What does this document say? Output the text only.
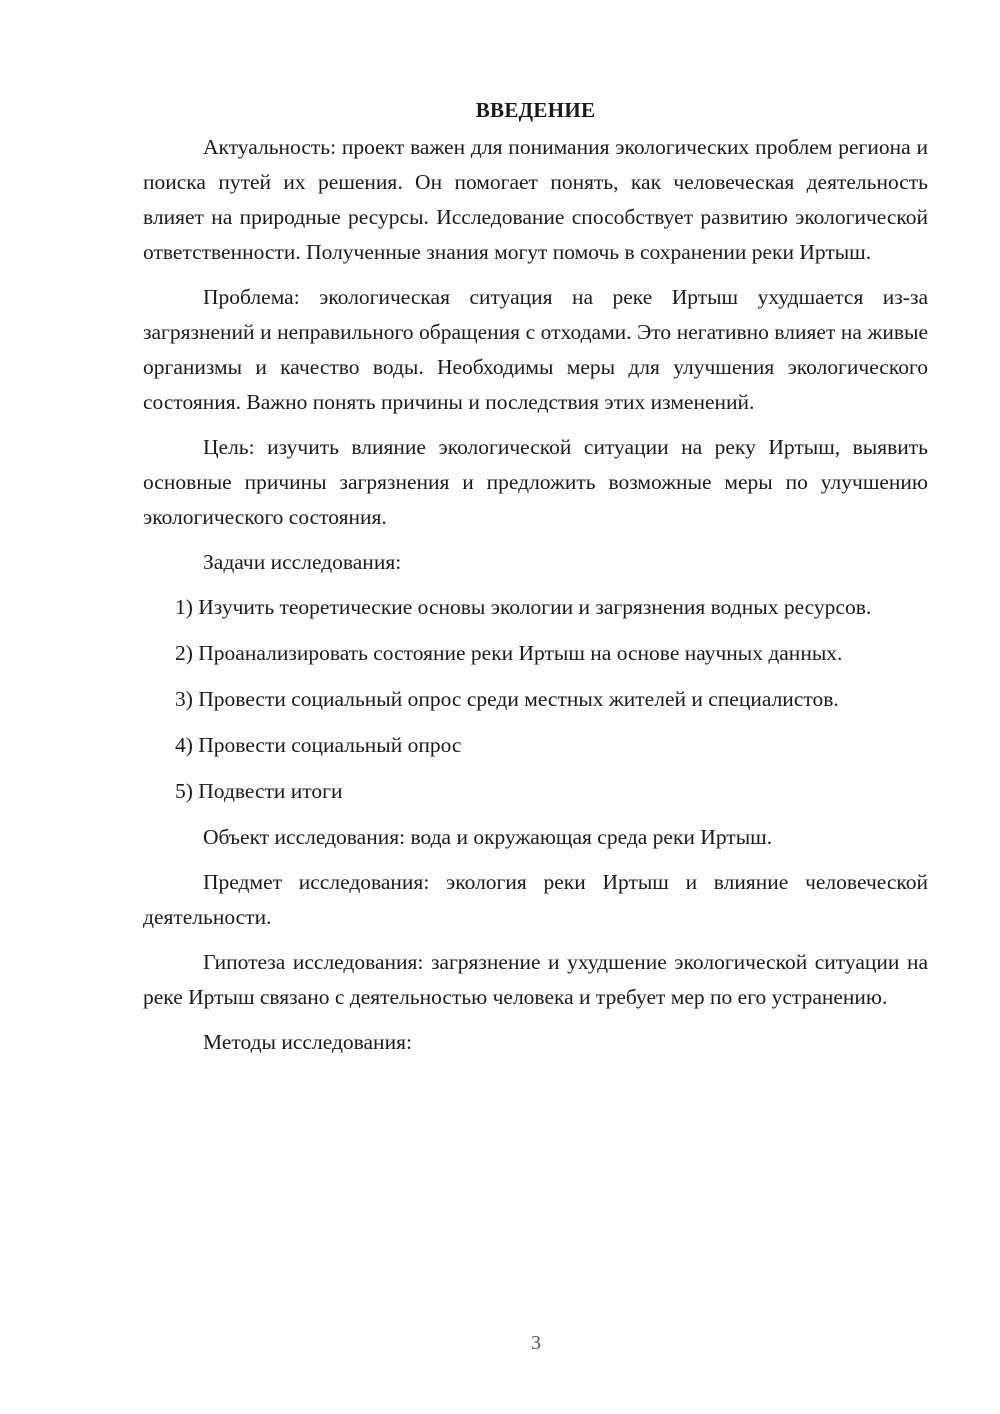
ВВЕДЕНИЕ

Актуальность: проект важен для понимания экологических проблем региона и поиска путей их решения. Он помогает понять, как человеческая деятельность влияет на природные ресурсы. Исследование способствует развитию экологической ответственности. Полученные знания могут помочь в сохранении реки Иртыш.

Проблема: экологическая ситуация на реке Иртыш ухудшается из-за загрязнений и неправильного обращения с отходами. Это негативно влияет на живые организмы и качество воды. Необходимы меры для улучшения экологического состояния. Важно понять причины и последствия этих изменений.

Цель: изучить влияние экологической ситуации на реку Иртыш, выявить основные причины загрязнения и предложить возможные меры по улучшению экологического состояния.

Задачи исследования:

1) Изучить теоретические основы экологии и загрязнения водных ресурсов.

2) Проанализировать состояние реки Иртыш на основе научных данных.

3) Провести социальный опрос среди местных жителей и специалистов.

4) Провести социальный опрос

5) Подвести итоги

Объект исследования: вода и окружающая среда реки Иртыш.

Предмет исследования: экология реки Иртыш и влияние человеческой деятельности.

Гипотеза исследования: загрязнение и ухудшение экологической ситуации на реке Иртыш связано с деятельностью человека и требует мер по его устранению.

Методы исследования:

3
